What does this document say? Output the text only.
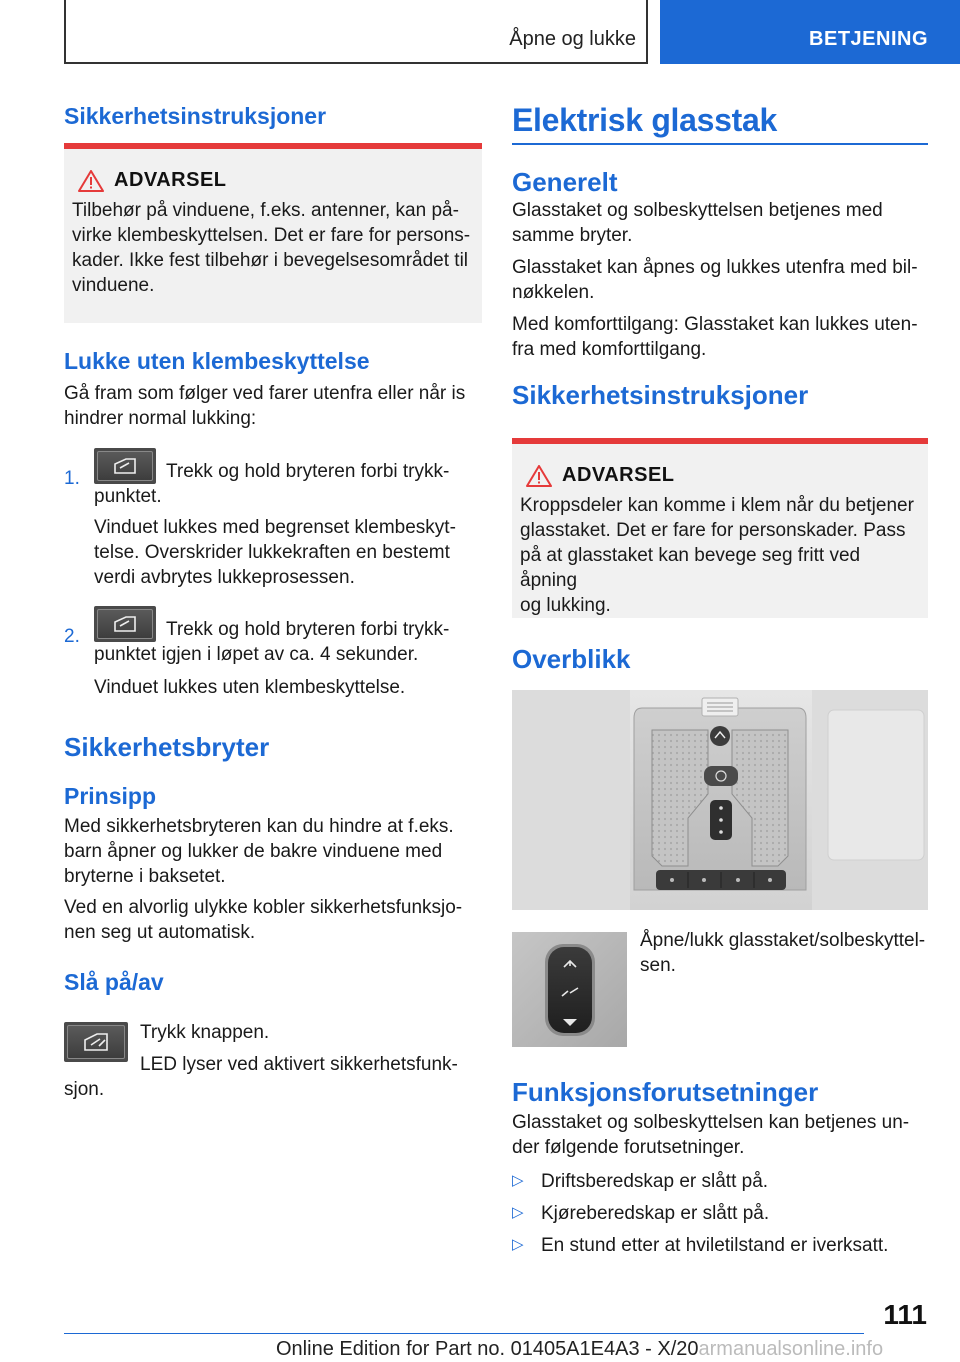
Åpne og lukke	BETJENING
Sikkerhetsinstruksjoner
ADVARSEL

Tilbehør på vinduene, f.eks. antenner, kan på-

virke klembeskyttelsen. Det er fare for persons-

kader. Ikke fest tilbehør i bevegelsesområdet til

vinduene.

Lukke uten klembeskyttelse

Gå fram som følger ved farer utenfra eller når is

hindrer normal lukking:

1.	Trekk og hold bryteren forbi trykk-

punktet.

Vinduet lukkes med begrenset klembeskyt-

telse. Overskrider lukkekraften en bestemt

verdi avbrytes lukkeprosessen.

2.	Trekk og hold bryteren forbi trykk-

punktet igjen i løpet av ca. 4 sekunder.

Vinduet lukkes uten klembeskyttelse.

Sikkerhetsbryter
Prinsipp

Med sikkerhetsbryteren kan du hindre at f.eks.

barn åpner og lukker de bakre vinduene med

bryterne i baksetet.

Ved en alvorlig ulykke kobler sikkerhetsfunksjo-

nen seg ut automatisk.

Slå på/av

Trykk knappen.

LED lyser ved aktivert sikkerhetsfunk-

sjon.

Elektrisk glasstak
Generelt

Glasstaket og solbeskyttelsen betjenes med

samme bryter.

Glasstaket kan åpnes og lukkes utenfra med bil-

nøkkelen.

Med komforttilgang: Glasstaket kan lukkes uten-

fra med komforttilgang.

Sikkerhetsinstruksjoner
ADVARSEL

Kroppsdeler kan komme i klem når du betjener

glasstaket. Det er fare for personskader. Pass

på at glasstaket kan bevege seg fritt ved åpning

og lukking.

Overblikk

Åpne/lukk glasstaket/solbeskyttel-

sen.

Funksjonsforutsetninger

Glasstaket og solbeskyttelsen kan betjenes un-

der følgende forutsetninger.

▷ Driftsberedskap er slått på.

▷ Kjøreberedskap er slått på.

▷ En stund etter at hviletilstand er iverksatt.

111
Online Edition for Part no. 01405A1E4A3 - X/20armanualsonline.info
